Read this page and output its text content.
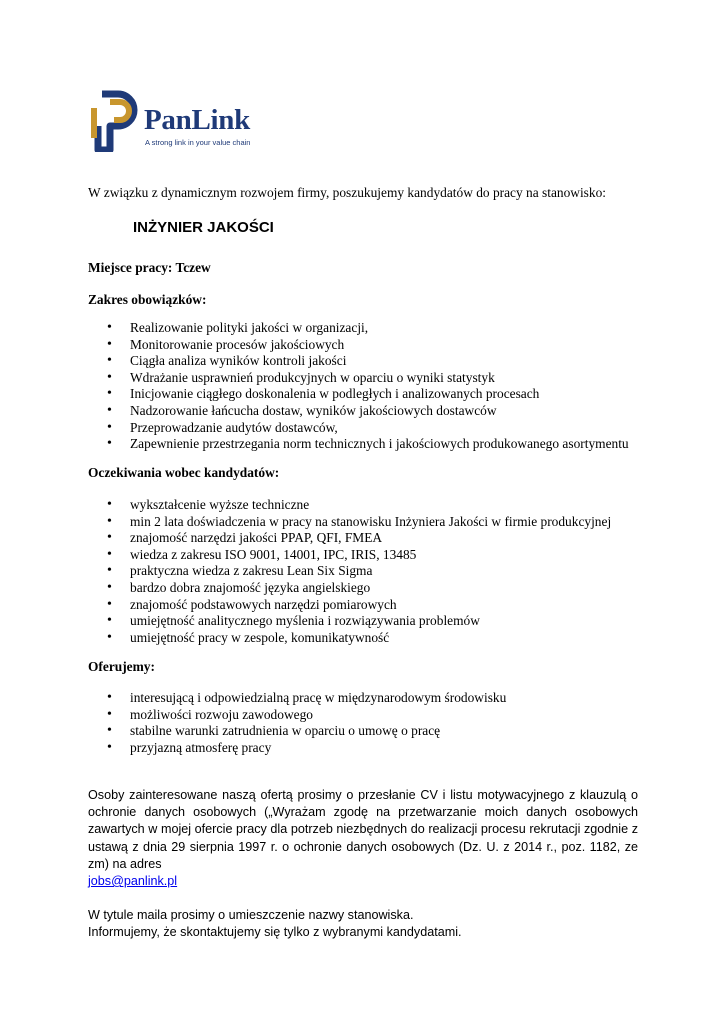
PanLink
A strong link in your value chain
W związku z dynamicznym rozwojem firmy, poszukujemy kandydatów do pracy na stanowisko:
INŻYNIER JAKOŚCI
Miejsce pracy: Tczew
Zakres obowiązków:
• Realizowanie polityki jakości w organizacji,
• Monitorowanie procesów jakościowych
• Ciągła analiza wyników kontroli jakości
• Wdrażanie usprawnień produkcyjnych w oparciu o wyniki statystyk
• Inicjowanie ciągłego doskonalenia w podległych i analizowanych procesach
• Nadzorowanie łańcucha dostaw, wyników jakościowych dostawców
• Przeprowadzanie audytów dostawców,
• Zapewnienie przestrzegania norm technicznych i jakościowych produkowanego asortymentu
Oczekiwania wobec kandydatów:
• wykształcenie wyższe techniczne
• min 2 lata doświadczenia w pracy na stanowisku Inżyniera Jakości w firmie produkcyjnej
• znajomość narzędzi jakości PPAP, QFI, FMEA
• wiedza z zakresu ISO 9001, 14001, IPC, IRIS, 13485
• praktyczna wiedza z zakresu Lean Six Sigma
• bardzo dobra znajomość języka angielskiego
• znajomość podstawowych narzędzi pomiarowych
• umiejętność analitycznego myślenia i rozwiązywania problemów
• umiejętność pracy w zespole, komunikatywność
Oferujemy:
• interesującą i odpowiedzialną pracę w międzynarodowym środowisku
• możliwości rozwoju zawodowego
• stabilne warunki zatrudnienia w oparciu o umowę o pracę
• przyjazną atmosferę pracy

Osoby zainteresowane naszą ofertą prosimy o przesłanie CV i listu motywacyjnego z klauzulą o ochronie danych osobowych („Wyrażam zgodę na przetwarzanie moich danych osobowych zawartych w mojej ofercie pracy dla potrzeb niezbędnych do realizacji procesu rekrutacji zgodnie z ustawą z dnia 29 sierpnia 1997 r. o ochronie danych osobowych (Dz. U. z 2014 r., poz. 1182, ze zm) na adres
jobs@panlink.pl

W tytule maila prosimy o umieszczenie nazwy stanowiska.

Informujemy, że skontaktujemy się tylko z wybranymi kandydatami.
